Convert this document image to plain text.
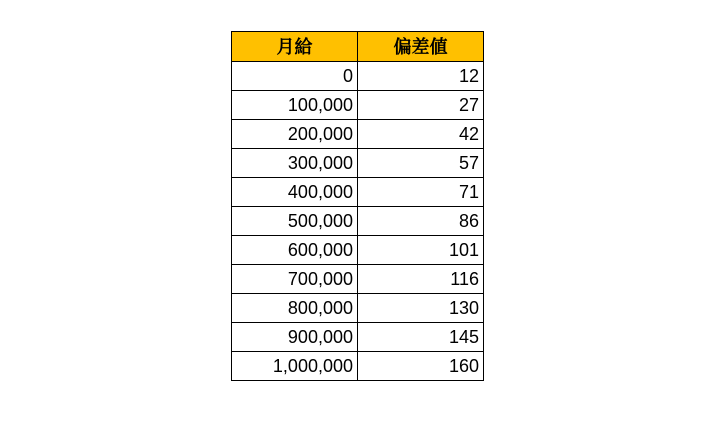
月給	偏差値
0	12
100,000	27
200,000	42
300,000	57
400,000	71
500,000	86
600,000	101
700,000	116
800,000	130
900,000	145
1,000,000	160
